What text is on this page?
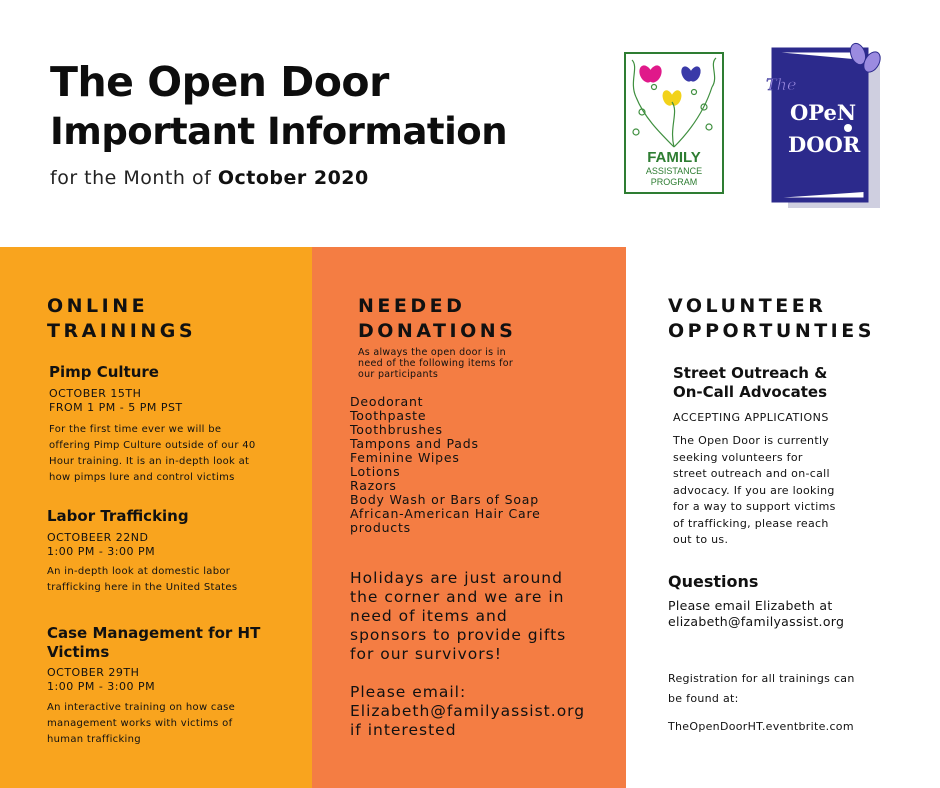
The Open Door
Important Information
for the Month of October 2020
FAMILY
ASSISTANCE
PROGRAM
The
OPeN
DOOR
ONLINE
TRAININGS
Pimp Culture
OCTOBER 15TH
FROM 1 PM - 5 PM PST
For the first time ever we will be
offering Pimp Culture outside of our 40
Hour training. It is an in-depth look at
how pimps lure and control victims
Labor Trafficking
OCTOBEER 22ND
1:00 PM - 3:00 PM
An in-depth look at domestic labor
trafficking here in the United States
Case Management for HT
Victims
OCTOBER 29TH
1:00 PM - 3:00 PM
An interactive training on how case
management works with victims of
human trafficking
NEEDED
DONATIONS
As always the open door is in
need of the following items for
our participants
Deodorant
Toothpaste
Toothbrushes
Tampons and Pads
Feminine Wipes
Lotions
Razors
Body Wash or Bars of Soap
African-American Hair Care
products
Holidays are just around
the corner and we are in
need of items and
sponsors to provide gifts
for our survivors!
Please email:
Elizabeth@familyassist.org
if interested
VOLUNTEER
OPPORTUNTIES
Street Outreach &
On-Call Advocates
ACCEPTING APPLICATIONS
The Open Door is currently
seeking volunteers for
street outreach and on-call
advocacy. If you are looking
for a way to support victims
of trafficking, please reach
out to us.
Questions
Please email Elizabeth at
elizabeth@familyassist.org
Registration for all trainings can
be found at:
TheOpenDoorHT.eventbrite.com
